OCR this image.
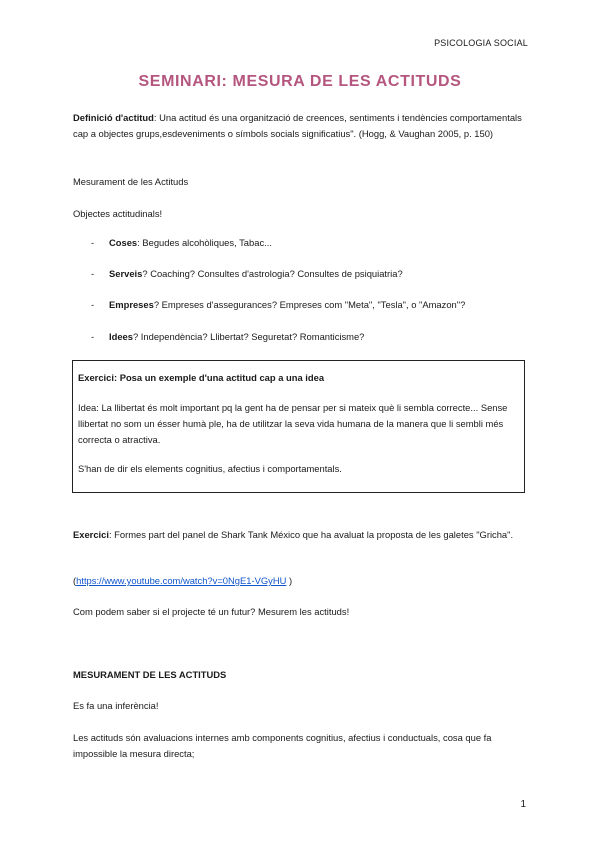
PSICOLOGIA SOCIAL
SEMINARI: MESURA DE LES ACTITUDS
Definició d'actitud: Una actitud és una organització de creences, sentiments i tendències comportamentals cap a objectes grups,esdeveniments o símbols socials significatius". (Hogg, & Vaughan 2005, p. 150)
Mesurament de les Actituds
Objectes actitudinals!
- Coses: Begudes alcohòliques, Tabac...
- Serveis? Coaching? Consultes d'astrologia? Consultes de psiquiatria?
- Empreses? Empreses d'assegurances? Empreses com "Meta", "Tesla", o "Amazon"?
- Idees? Independència? Llibertat? Seguretat? Romanticisme?
Exercici: Posa un exemple d'una actitud cap a una idea
Idea: La llibertat és molt important pq la gent ha de pensar per si mateix què li sembla correcte... Sense llibertat no som un ésser humà ple, ha de utilitzar la seva vida humana de la manera que li sembli més correcta o atractiva.
S'han de dir els elements cognitius, afectius i comportamentals.
Exercici: Formes part del panel de Shark Tank México que ha avaluat la proposta de les galetes "Gricha".
(https://www.youtube.com/watch?v=0NgE1-VGyHU )
Com podem saber si el projecte té un futur? Mesurem les actituds!
MESURAMENT DE LES ACTITUDS
Es fa una inferència!
Les actituds són avaluacions internes amb components cognitius, afectius i conductuals, cosa que fa impossible la mesura directa;
1
